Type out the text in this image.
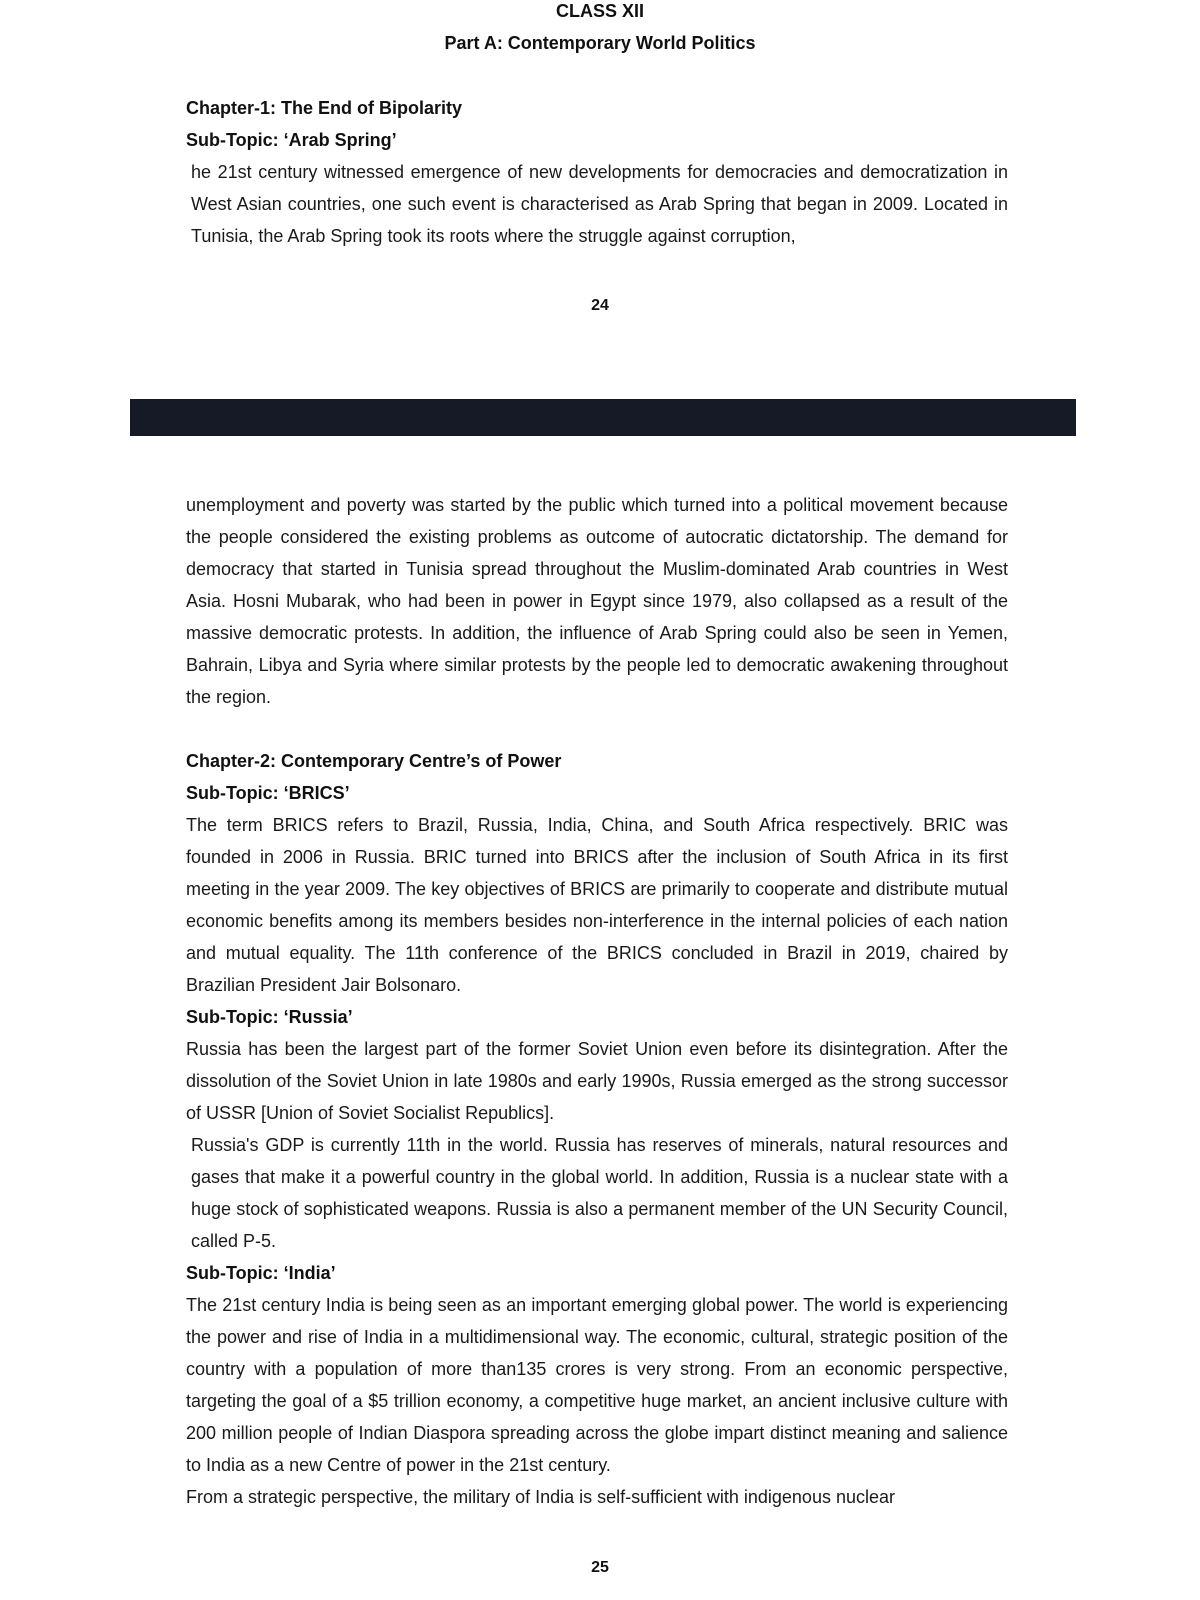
CLASS XII
Part A: Contemporary World Politics

Chapter-1: The End of Bipolarity

Sub-Topic: ‘Arab Spring’

he 21st century witnessed emergence of new developments for democracies and democratization in West Asian countries, one such event is characterised as Arab Spring that began in 2009. Located in Tunisia, the Arab Spring took its roots where the struggle against corruption,

24

unemployment and poverty was started by the public which turned into a political movement because the people considered the existing problems as outcome of autocratic dictatorship. The demand for democracy that started in Tunisia spread throughout the Muslim-dominated Arab countries in West Asia. Hosni Mubarak, who had been in power in Egypt since 1979, also collapsed as a result of the massive democratic protests. In addition, the influence of Arab Spring could also be seen in Yemen, Bahrain, Libya and Syria where similar protests by the people led to democratic awakening throughout the region.

Chapter-2: Contemporary Centre’s of Power

Sub-Topic: ‘BRICS’

The term BRICS refers to Brazil, Russia, India, China, and South Africa respectively. BRIC was founded in 2006 in Russia. BRIC turned into BRICS after the inclusion of South Africa in its first meeting in the year 2009. The key objectives of BRICS are primarily to cooperate and distribute mutual economic benefits among its members besides non-interference in the internal policies of each nation and mutual equality. The 11th conference of the BRICS concluded in Brazil in 2019, chaired by Brazilian President Jair Bolsonaro.

Sub-Topic: ‘Russia’

Russia has been the largest part of the former Soviet Union even before its disintegration. After the dissolution of the Soviet Union in late 1980s and early 1990s, Russia emerged as the strong successor of USSR [Union of Soviet Socialist Republics].

Russia's GDP is currently 11th in the world. Russia has reserves of minerals, natural resources and gases that make it a powerful country in the global world. In addition, Russia is a nuclear state with a huge stock of sophisticated weapons. Russia is also a permanent member of the UN Security Council, called P-5.

Sub-Topic: ‘India’

The 21st century India is being seen as an important emerging global power. The world is experiencing the power and rise of India in a multidimensional way. The economic, cultural, strategic position of the country with a population of more than135 crores is very strong. From an economic perspective, targeting the goal of a $5 trillion economy, a competitive huge market, an ancient inclusive culture with 200 million people of Indian Diaspora spreading across the globe impart distinct meaning and salience to India as a new Centre of power in the 21st century.

From a strategic perspective, the military of India is self-sufficient with indigenous nuclear

25
